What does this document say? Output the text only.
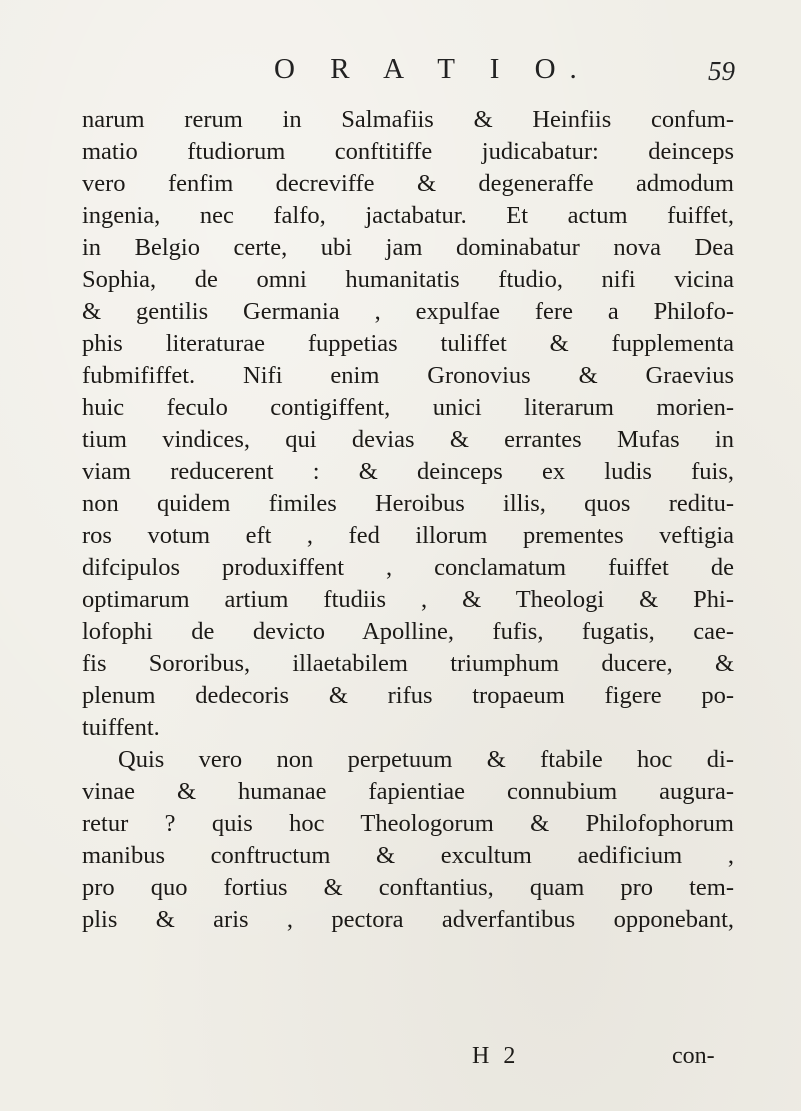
O R A T I O.	59
narum rerum in Salmafiis & Heinfiis confum-
matio ftudiorum conftitiffe judicabatur: deinceps
vero fenfim decreviffe & degeneraffe admodum
ingenia, nec falfo, jactabatur. Et actum fuiffet,
in Belgio certe, ubi jam dominabatur nova Dea
Sophia, de omni humanitatis ftudio, nifi vicina
& gentilis Germania , expulfae fere a Philofo-
phis literaturae fuppetias tuliffet & fupplementa
fubmififfet. Nifi enim Gronovius & Graevius
huic feculo contigiffent, unici literarum morien-
tium vindices, qui devias & errantes Mufas in
viam reducerent : & deinceps ex ludis fuis,
non quidem fimiles Heroibus illis, quos reditu-
ros votum eft , fed illorum prementes veftigia
difcipulos produxiffent , conclamatum fuiffet de
optimarum artium ftudiis , & Theologi & Phi-
lofophi de devicto Apolline, fufis, fugatis, cae-
fis Sororibus, illaetabilem triumphum ducere, &
plenum dedecoris & rifus tropaeum figere po-
tuiffent.
Quis vero non perpetuum & ftabile hoc di-
vinae & humanae fapientiae connubium augura-
retur ? quis hoc Theologorum & Philofophorum
manibus conftructum & excultum aedificium ,
pro quo fortius & conftantius, quam pro tem-
plis & aris , pectora adverfantibus opponebant,
H 2	con-
